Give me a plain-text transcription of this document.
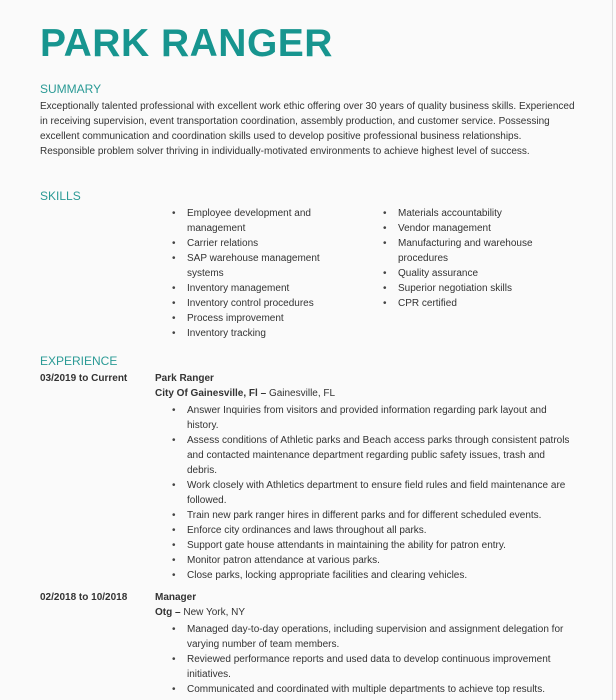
PARK RANGER
SUMMARY

Exceptionally talented professional with excellent work ethic offering over 30 years of quality business skills. Experienced in receiving supervision, event transportation coordination, assembly production, and customer service. Possessing excellent communication and coordination skills used to develop positive professional business relationships. Responsible problem solver thriving in individually-motivated environments to achieve highest level of success.

SKILLS
• Employee development and management
• Carrier relations
• SAP warehouse management systems
• Inventory management
• Inventory control procedures
• Process improvement
• Inventory tracking
• Materials accountability
• Vendor management
• Manufacturing and warehouse procedures
• Quality assurance
• Superior negotiation skills
• CPR certified
EXPERIENCE
03/2019 to Current	Park Ranger
City Of Gainesville, Fl – Gainesville, FL
• Answer Inquiries from visitors and provided information regarding park layout and history.
• Assess conditions of Athletic parks and Beach access parks through consistent patrols and contacted maintenance department regarding public safety issues, trash and debris.
• Work closely with Athletics department to ensure field rules and field maintenance are followed.
• Train new park ranger hires in different parks and for different scheduled events.
• Enforce city ordinances and laws throughout all parks.
• Support gate house attendants in maintaining the ability for patron entry.
• Monitor patron attendance at various parks.
• Close parks, locking appropriate facilities and clearing vehicles.
02/2018 to 10/2018	Manager
Otg – New York, NY
• Managed day-to-day operations, including supervision and assignment delegation for varying number of team members.
• Reviewed performance reports and used data to develop continuous improvement initiatives.
• Communicated and coordinated with multiple departments to achieve top results.
